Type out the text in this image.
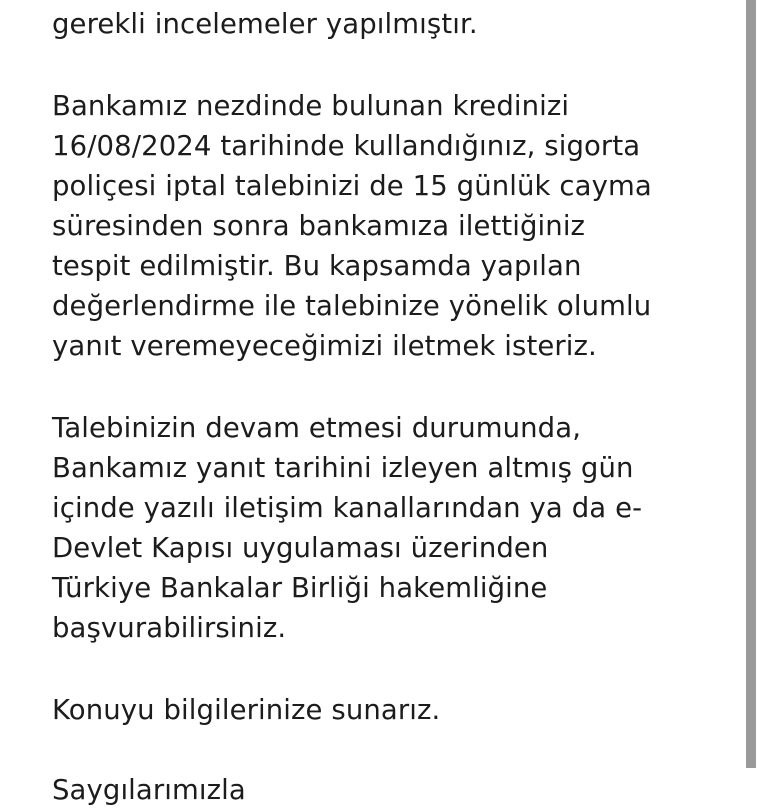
gerekli incelemeler yapılmıştır.
Bankamız nezdinde bulunan kredinizi
16/08/2024 tarihinde kullandığınız, sigorta
poliçesi iptal talebinizi de 15 günlük cayma
süresinden sonra bankamıza ilettiğiniz
tespit edilmiştir. Bu kapsamda yapılan
değerlendirme ile talebinize yönelik olumlu
yanıt veremeyeceğimizi iletmek isteriz.
Talebinizin devam etmesi durumunda,
Bankamız yanıt tarihini izleyen altmış gün
içinde yazılı iletişim kanallarından ya da e-
Devlet Kapısı uygulaması üzerinden
Türkiye Bankalar Birliği hakemliğine
başvurabilirsiniz.
Konuyu bilgilerinize sunarız.
Saygılarımızla
